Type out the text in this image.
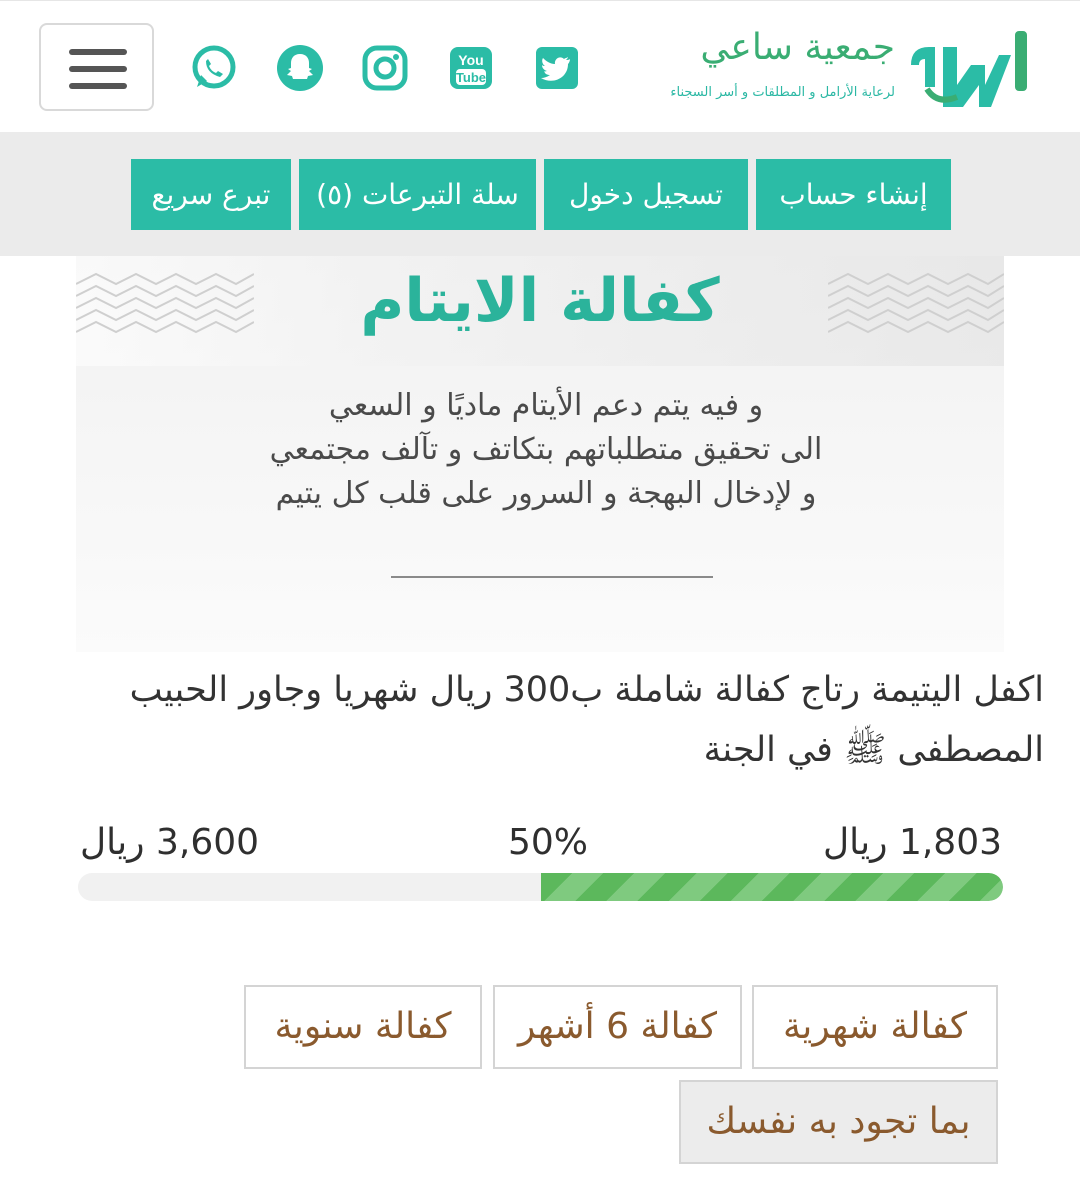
You
Tube
جمعية ساعي
لرعاية الأرامل و المطلقات و أسر السجناء
إنشاء حساب
تسجيل دخول
سلة التبرعات (٥)
تبرع سريع
كفالة الايتام
و فيه يتم دعم الأيتام ماديًا و السعي
الى تحقيق متطلباتهم بتكاتف و تآلف مجتمعي
و لإدخال البهجة و السرور على قلب كل يتيم
اكفل اليتيمة رتاج كفالة شاملة ب300 ريال شهريا وجاور الحبيب المصطفى ﷺ في الجنة
1,803 ريال
50%
3,600 ريال
كفالة شهرية
كفالة 6 أشهر
كفالة سنوية
بما تجود به نفسك
